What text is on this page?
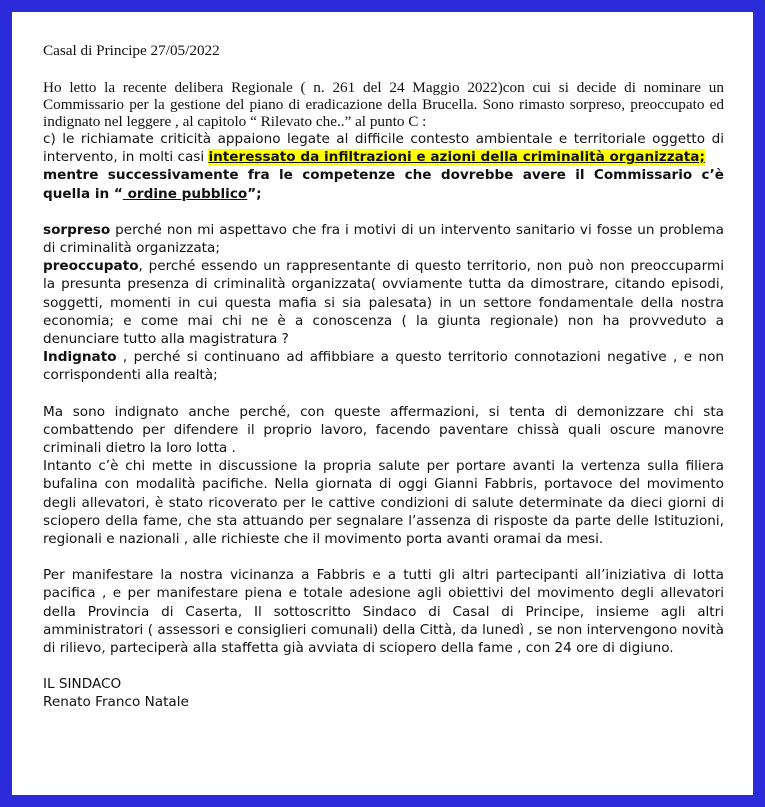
Casal di Principe 27/05/2022

Ho letto la recente delibera Regionale ( n. 261 del 24 Maggio 2022)con cui si decide di nominare un Commissario per la gestione del piano di eradicazione della Brucella. Sono rimasto sorpreso, preoccupato ed indignato nel leggere , al capitolo “ Rilevato che..” al punto C :

c) le richiamate criticità appaiono legate al difficile contesto ambientale e territoriale oggetto di intervento, in molti casi interessato da infiltrazioni e azioni della criminalità organizzata;

mentre successivamente fra le competenze che dovrebbe avere il Commissario c’è quella in “ ordine pubblico”;

sorpreso perché non mi aspettavo che fra i motivi di un intervento sanitario vi fosse un problema di criminalità organizzata;

preoccupato, perché essendo un rappresentante di questo territorio, non può non preoccuparmi la presunta presenza di criminalità organizzata( ovviamente tutta da dimostrare, citando episodi, soggetti, momenti in cui questa mafia si sia palesata) in un settore fondamentale della nostra economia; e come mai chi ne è a conoscenza ( la giunta regionale) non ha provveduto a denunciare tutto alla magistratura ?

Indignato , perché si continuano ad affibbiare a questo territorio connotazioni negative , e non corrispondenti alla realtà;

Ma sono indignato anche perché, con queste affermazioni, si tenta di demonizzare chi sta combattendo per difendere il proprio lavoro, facendo paventare chissà quali oscure manovre criminali dietro la loro lotta .

Intanto c’è chi mette in discussione la propria salute per portare avanti la vertenza sulla filiera bufalina con modalità pacifiche. Nella giornata di oggi Gianni Fabbris, portavoce del movimento degli allevatori, è stato ricoverato per le cattive condizioni di salute determinate da dieci giorni di sciopero della fame, che sta attuando per segnalare l’assenza di risposte da parte delle Istituzioni, regionali e nazionali , alle richieste che il movimento porta avanti oramai da mesi.

Per manifestare la nostra vicinanza a Fabbris e a tutti gli altri partecipanti all’iniziativa di lotta pacifica , e per manifestare piena e totale adesione agli obiettivi del movimento degli allevatori della Provincia di Caserta, Il sottoscritto Sindaco di Casal di Principe, insieme agli altri amministratori ( assessori e consiglieri comunali) della Città, da lunedì , se non intervengono novità di rilievo, parteciperà alla staffetta già avviata di sciopero della fame , con 24 ore di digiuno.

IL SINDACO

Renato Franco Natale
